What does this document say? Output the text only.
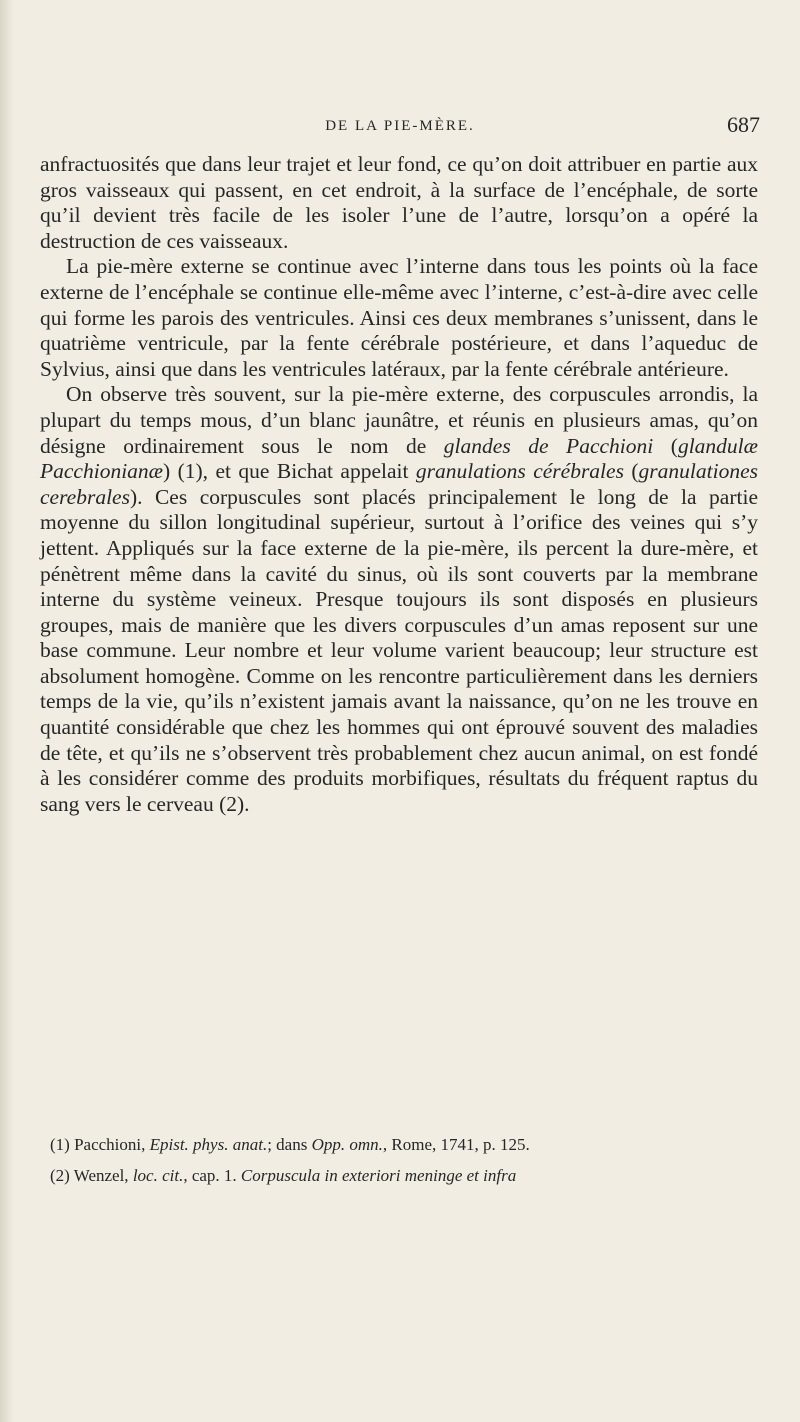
DE LA PIE-MÈRE.	687

anfractuosités que dans leur trajet et leur fond, ce qu’on doit attribuer en partie aux gros vaisseaux qui passent, en cet endroit, à la surface de l’encéphale, de sorte qu’il devient très facile de les isoler l’une de l’autre, lorsqu’on a opéré la destruction de ces vaisseaux.

La pie-mère externe se continue avec l’interne dans tous les points où la face externe de l’encéphale se continue elle-même avec l’interne, c’est-à-dire avec celle qui forme les parois des ventricules. Ainsi ces deux membranes s’unissent, dans le quatrième ventricule, par la fente cérébrale postérieure, et dans l’aqueduc de Sylvius, ainsi que dans les ventricules latéraux, par la fente cérébrale antérieure.

On observe très souvent, sur la pie-mère externe, des corpuscules arrondis, la plupart du temps mous, d’un blanc jaunâtre, et réunis en plusieurs amas, qu’on désigne ordinairement sous le nom de glandes de Pacchioni (glandulæ Pacchionianæ) (1), et que Bichat appelait granulations cérébrales (granulationes cerebrales). Ces corpuscules sont placés principalement le long de la partie moyenne du sillon longitudinal supérieur, surtout à l’orifice des veines qui s’y jettent. Appliqués sur la face externe de la pie-mère, ils percent la dure-mère, et pénètrent même dans la cavité du sinus, où ils sont couverts par la membrane interne du système veineux. Presque toujours ils sont disposés en plusieurs groupes, mais de manière que les divers corpuscules d’un amas reposent sur une base commune. Leur nombre et leur volume varient beaucoup; leur structure est absolument homogène. Comme on les rencontre particulièrement dans les derniers temps de la vie, qu’ils n’existent jamais avant la naissance, qu’on ne les trouve en quantité considérable que chez les hommes qui ont éprouvé souvent des maladies de tête, et qu’ils ne s’observent très probablement chez aucun animal, on est fondé à les considérer comme des produits morbifiques, résultats du fréquent raptus du sang vers le cerveau (2).

(1) Pacchioni, Epist. phys. anat.; dans Opp. omn., Rome, 1741, p. 125.

(2) Wenzel, loc. cit., cap. 1. Corpuscula in exteriori meninge et infra
